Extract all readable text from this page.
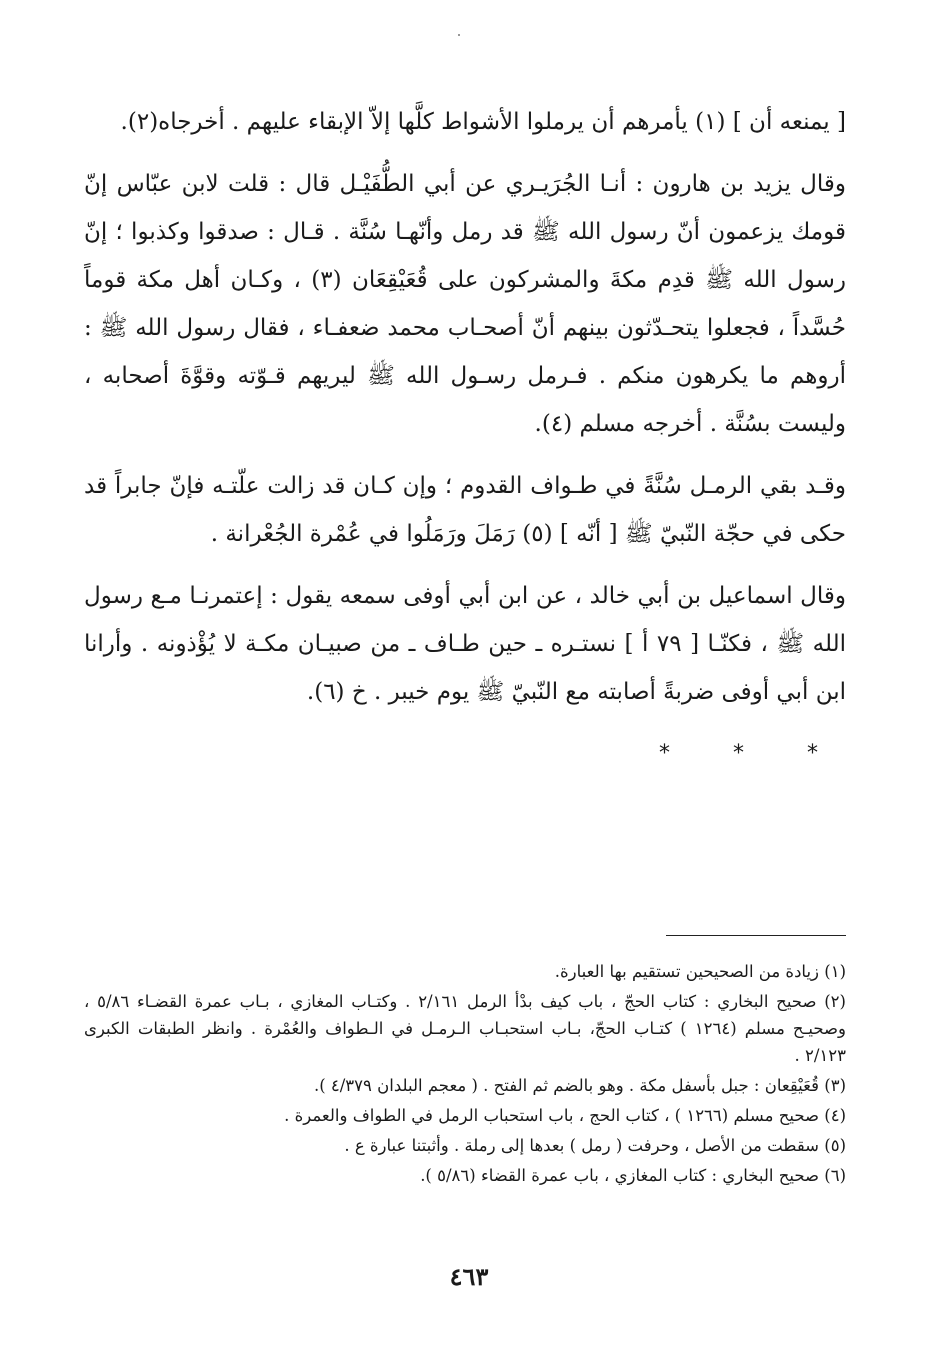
[ يمنعه أن ] (١) يأمرهم أن يرملوا الأشواط كلَّها إلاّ الإبقاء عليهم . أخرجاه(٢).

وقال يزيد بن هارون : أنـا الجُرَيـري عن أبي الطُّفَيْـل قال : قلت لابن عبّاس إنّ قومك يزعمون أنّ رسول الله ﷺ قد رمل وأنّهـا سُنَّة . قـال : صدقوا وكذبوا ؛ إنّ رسول الله ﷺ قدِم مكةَ والمشركون على قُعَيْقِعَان (٣) ، وكـان أهل مكة قوماً حُسَّداً ، فجعلوا يتحـدّثون بينهم أنّ أصحـاب محمد ضعفـاء ، فقال رسول الله ﷺ : أروهم ما يكرهون منكم . فـرمل رسـول الله ﷺ ليريهم قـوّته وقوَّةَ أصحابه ، وليست بسُنَّة . أخرجه مسلم (٤).

وقـد بقي الرمـل سُنَّةً في طـواف القدوم ؛ وإن كـان قد زالت علّتـه فإنّ جابراً قد حكى في حجّة النّبيّ ﷺ [ أنّه ] (٥) رَمَلَ ورَمَلُوا في عُمْرة الجُعْرانة .

وقال اسماعيل بن أبي خالد ، عن ابن أبي أوفى سمعه يقول : إعتمرنـا مـع رسول الله ﷺ ، فكنّـا [ ٧٩ أ ] نستـره ـ حين طـاف ـ من صبيـان مكـة لا يُؤْذونه . وأرانا ابن أبي أوفى ضربةً أصابته مع النّبيّ ﷺ يوم خيبر . خ (٦).

* * *

(١) زيادة من الصحيحين تستقيم بها العبارة.

(٢) صحيح البخاري : كتاب الحجّ ، باب كيف بدْأ الرمل ٢/١٦١ . وكتـاب المغازي ، بـاب عمرة القضـاء ٥/٨٦ ، وصحيـح مسلم (١٢٦٤ ) كتـاب الحجّ، بـاب استحبـاب الـرمـل في الـطواف والعُمْرة . وانظر الطبقات الكبرى ٢/١٢٣ .

(٣) قُعَيْقِعان : جبل بأسفل مكة . وهو بالضم ثم الفتح . ( معجم البلدان ٤/٣٧٩ ).

(٤) صحيح مسلم (١٢٦٦ ) ، كتاب الحج ، باب استحباب الرمل في الطواف والعمرة .

(٥) سقطت من الأصل ، وحرفت ( رمل ) بعدها إلى رملة . وأثبتنا عبارة ع .

(٦) صحيح البخاري : كتاب المغازي ، باب عمرة القضاء (٥/٨٦ ).

٤٦٣
